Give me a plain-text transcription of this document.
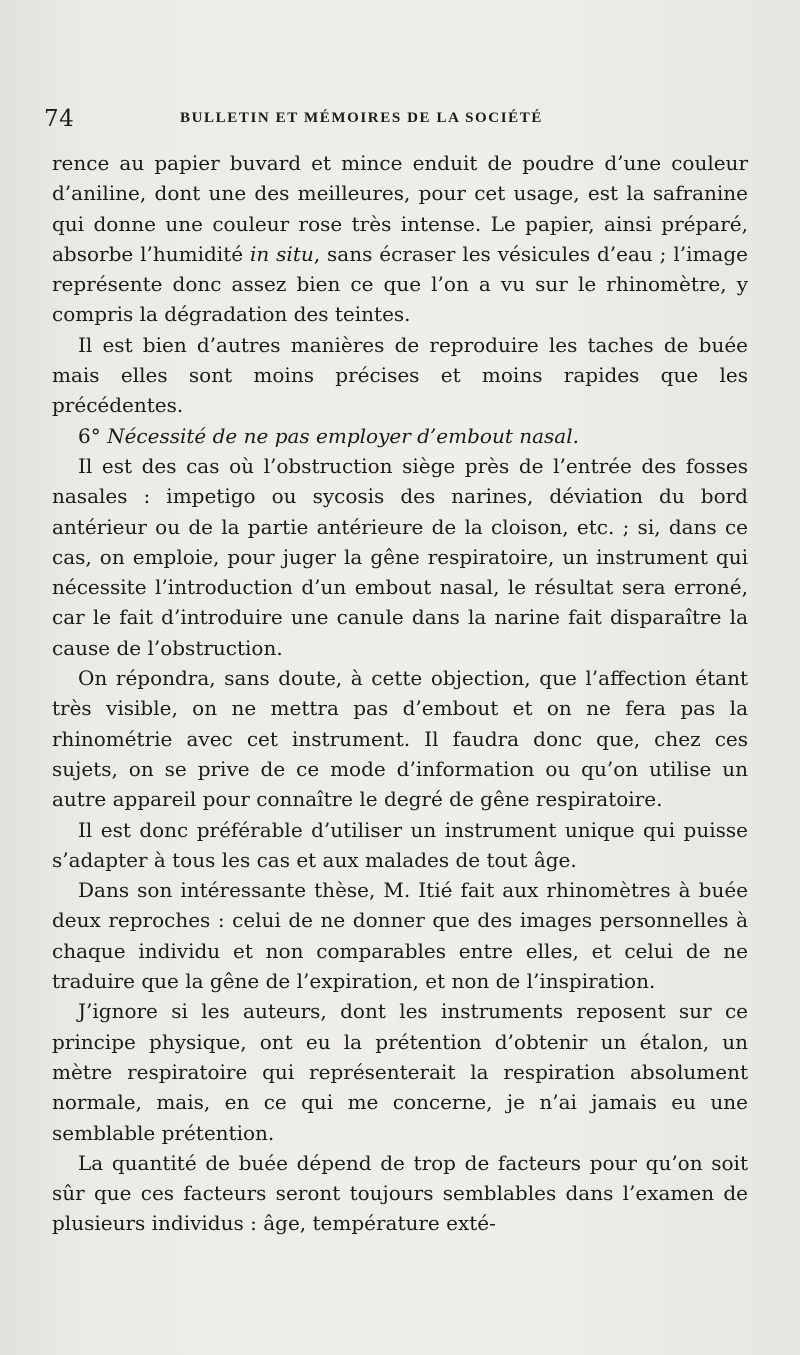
74	BULLETIN ET MÉMOIRES DE LA SOCIÉTÉ

rence au papier buvard et mince enduit de poudre d’une couleur d’aniline, dont une des meilleures, pour cet usage, est la safranine qui donne une couleur rose très intense. Le papier, ainsi préparé, absorbe l’humidité in situ, sans écraser les vésicules d’eau ; l’image représente donc assez bien ce que l’on a vu sur le rhinomètre, y compris la dégradation des teintes.

Il est bien d’autres manières de reproduire les taches de buée mais elles sont moins précises et moins rapides que les précédentes.

6° Nécessité de ne pas employer d’embout nasal.

Il est des cas où l’obstruction siège près de l’entrée des fosses nasales : impetigo ou sycosis des narines, déviation du bord antérieur ou de la partie antérieure de la cloison, etc. ; si, dans ce cas, on emploie, pour juger la gêne respiratoire, un instrument qui nécessite l’introduction d’un embout nasal, le résultat sera erroné, car le fait d’introduire une canule dans la narine fait disparaître la cause de l’obstruction.

On répondra, sans doute, à cette objection, que l’affection étant très visible, on ne mettra pas d’embout et on ne fera pas la rhinométrie avec cet instrument. Il faudra donc que, chez ces sujets, on se prive de ce mode d’information ou qu’on utilise un autre appareil pour connaître le degré de gêne respiratoire.

Il est donc préférable d’utiliser un instrument unique qui puisse s’adapter à tous les cas et aux malades de tout âge.

Dans son intéressante thèse, M. Itié fait aux rhinomètres à buée deux reproches : celui de ne donner que des images personnelles à chaque individu et non comparables entre elles, et celui de ne traduire que la gêne de l’expiration, et non de l’inspiration.

J’ignore si les auteurs, dont les instruments reposent sur ce principe physique, ont eu la prétention d’obtenir un étalon, un mètre respiratoire qui représenterait la respiration absolument normale, mais, en ce qui me concerne, je n’ai jamais eu une semblable prétention.

La quantité de buée dépend de trop de facteurs pour qu’on soit sûr que ces facteurs seront toujours semblables dans l’examen de plusieurs individus : âge, température exté-
